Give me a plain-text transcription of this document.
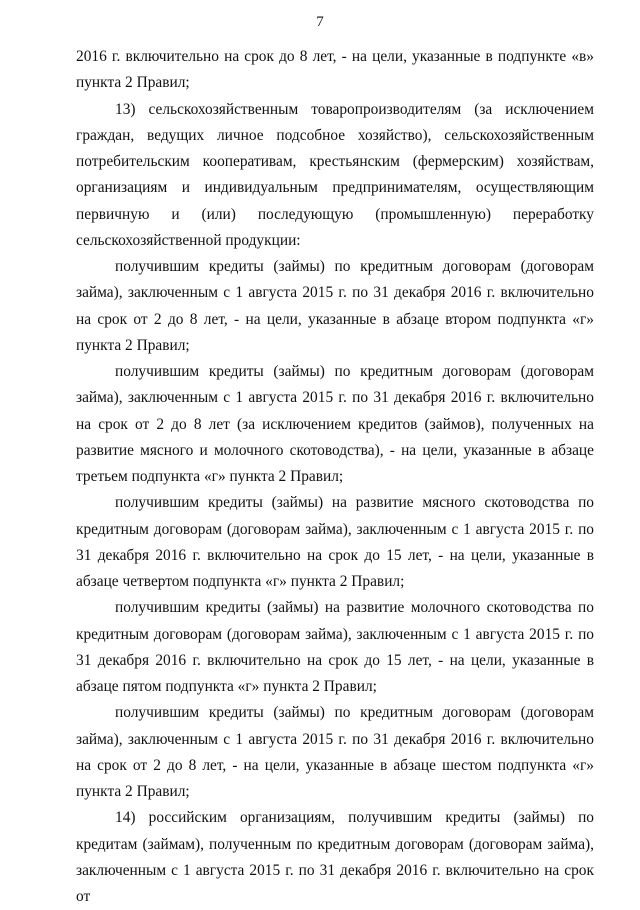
7

2016 г. включительно на срок до 8 лет, - на цели, указанные в подпункте «в» пункта 2 Правил;

13) сельскохозяйственным товаропроизводителям (за исключением граждан, ведущих личное подсобное хозяйство), сельскохозяйственным потребительским кооперативам, крестьянским (фермерским) хозяйствам, организациям и индивидуальным предпринимателям, осуществляющим первичную и (или) последующую (промышленную) переработку сельскохозяйственной продукции:

получившим кредиты (займы) по кредитным договорам (договорам займа), заключенным с 1 августа 2015 г. по 31 декабря 2016 г. включительно на срок от 2 до 8 лет, - на цели, указанные в абзаце втором подпункта «г» пункта 2 Правил;

получившим кредиты (займы) по кредитным договорам (договорам займа), заключенным с 1 августа 2015 г. по 31 декабря 2016 г. включительно на срок от 2 до 8 лет (за исключением кредитов (займов), полученных на развитие мясного и молочного скотоводства), - на цели, указанные в абзаце третьем подпункта «г» пункта 2 Правил;

получившим кредиты (займы) на развитие мясного скотоводства по кредитным договорам (договорам займа), заключенным с 1 августа 2015 г. по 31 декабря 2016 г. включительно на срок до 15 лет, - на цели, указанные в абзаце четвертом подпункта «г» пункта 2 Правил;

получившим кредиты (займы) на развитие молочного скотоводства по кредитным договорам (договорам займа), заключенным с 1 августа 2015 г. по 31 декабря 2016 г. включительно на срок до 15 лет, - на цели, указанные в абзаце пятом подпункта «г» пункта 2 Правил;

получившим кредиты (займы) по кредитным договорам (договорам займа), заключенным с 1 августа 2015 г. по 31 декабря 2016 г. включительно на срок от 2 до 8 лет, - на цели, указанные в абзаце шестом подпункта «г» пункта 2 Правил;

14) российским организациям, получившим кредиты (займы) по кредитам (займам), полученным по кредитным договорам (договорам займа), заключенным с 1 августа 2015 г. по 31 декабря 2016 г. включительно на срок от
